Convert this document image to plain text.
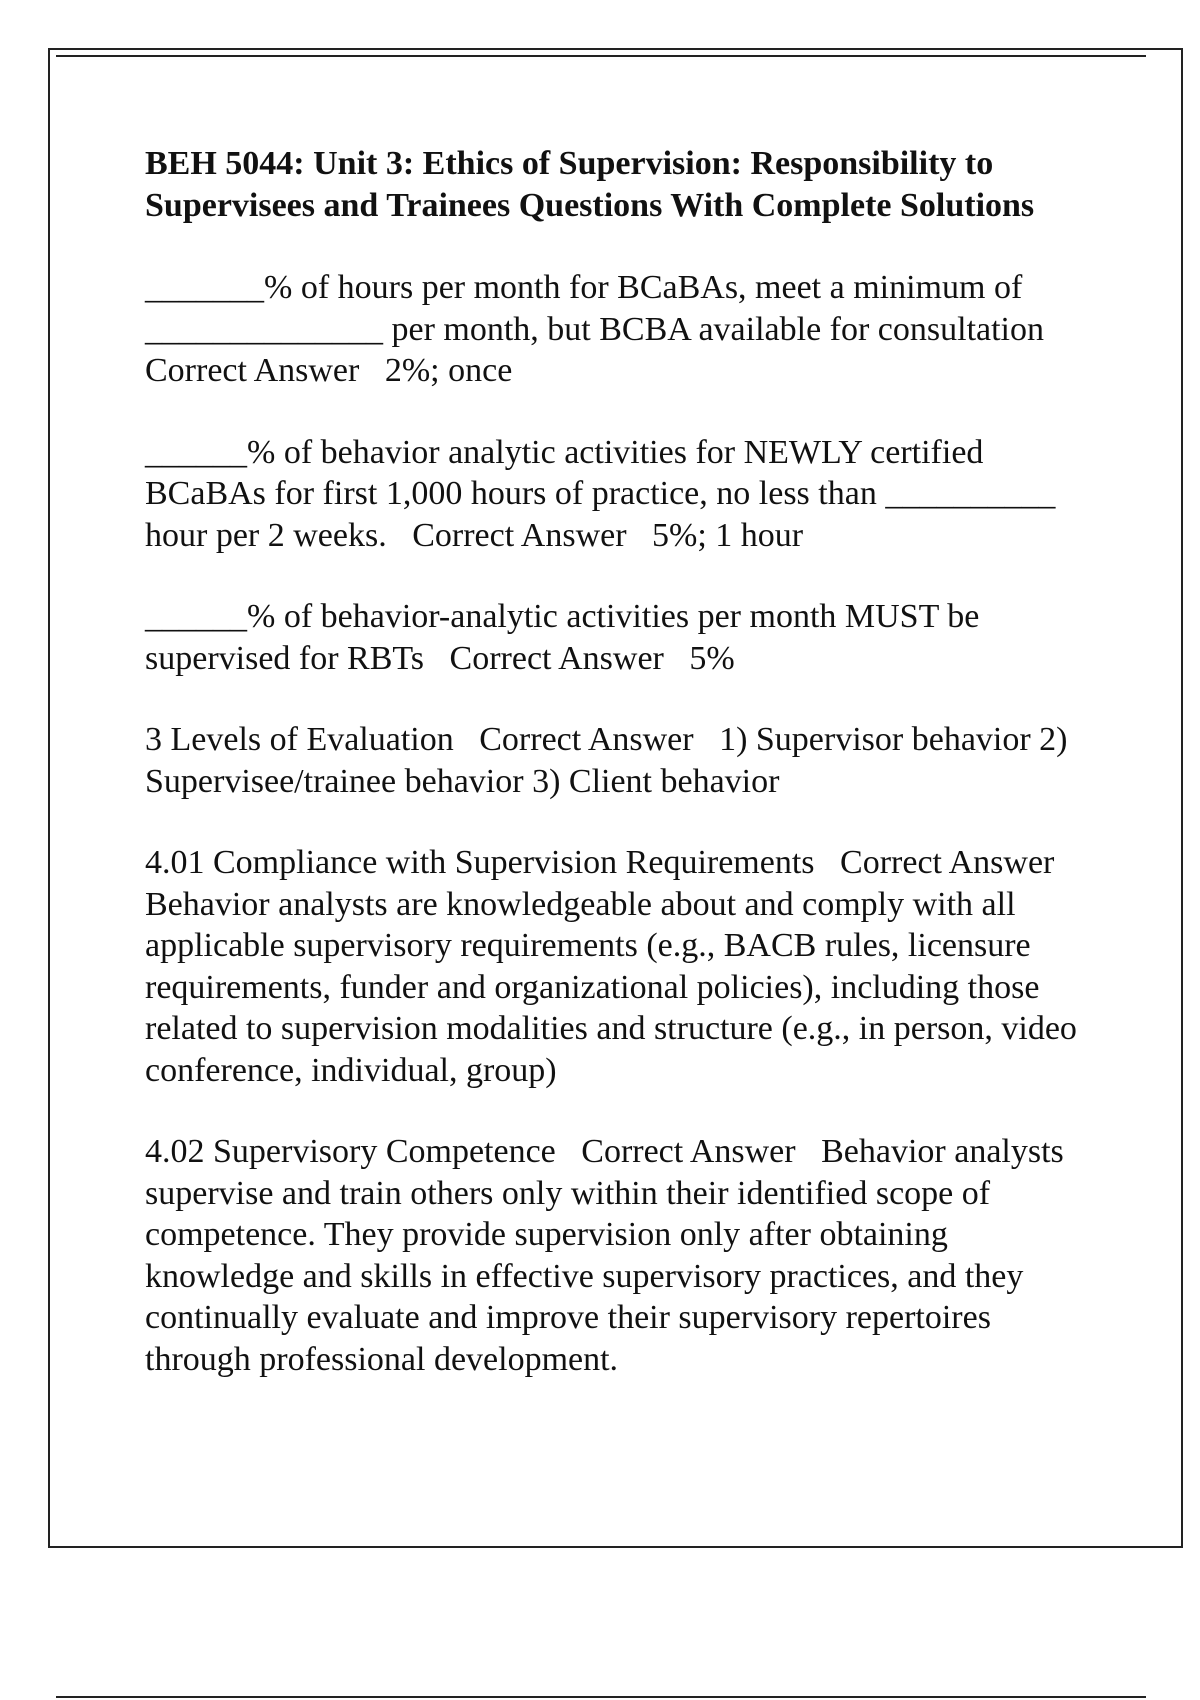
BEH 5044: Unit 3: Ethics of Supervision: Responsibility to Supervisees and Trainees Questions With Complete Solutions

_______% of hours per month for BCaBAs, meet a minimum of ______________ per month, but BCBA available for consultation   Correct Answer 2%; once

______% of behavior analytic activities for NEWLY certified BCaBAs for first 1,000 hours of practice, no less than __________ hour per 2 weeks. Correct Answer 5%; 1 hour

______% of behavior-analytic activities per month MUST be supervised for RBTs Correct Answer 5%

3 Levels of Evaluation Correct Answer 1) Supervisor behavior 2) Supervisee/trainee behavior 3) Client behavior

4.01 Compliance with Supervision Requirements Correct Answer   Behavior analysts are knowledgeable about and comply with all applicable supervisory requirements (e.g., BACB rules, licensure requirements, funder and organizational policies), including those related to supervision modalities and structure (e.g., in person, video conference, individual, group)

4.02 Supervisory Competence Correct Answer Behavior analysts supervise and train others only within their identified scope of competence. They provide supervision only after obtaining knowledge and skills in effective supervisory practices, and they continually evaluate and improve their supervisory repertoires through professional development.
